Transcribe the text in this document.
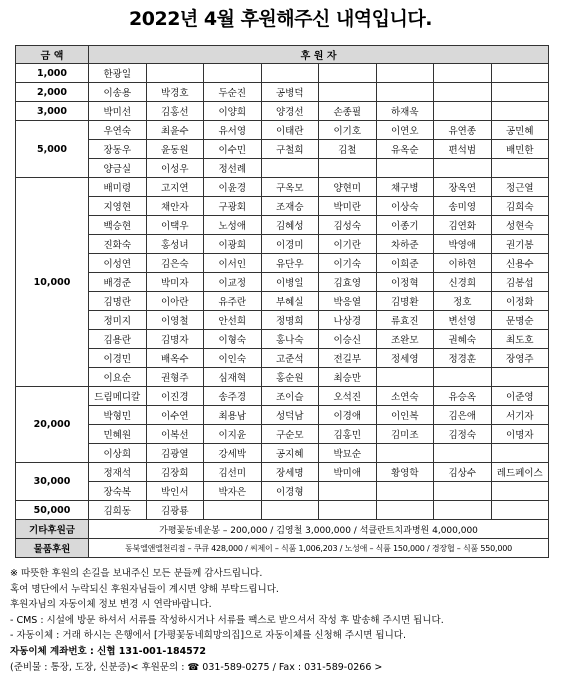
2022년 4월 후원해주신 내역입니다.
금 액	후 원 자							
1,000	한광일							
2,000	이송용	박경호	두순진	공병덕				
3,000	박미선	김홍선	이양희	양경선	손종필	하재욱		
5,000	우연숙	최윤수	유서영	이태란	이기호	이연오	유연종	공민혜
	장동우	윤동원	이수민	구철희	김철	유옥순	편석범	배민한
	양금실	이성우	정선례					
10,000	배미령	고지연	이윤경	구옥모	양현미	채구병	장옥연	정근열
	지영현	채안자	구광회	조재승	박미란	이상숙	송미영	김희숙
	백승현	이택우	노성애	김혜성	김성숙	이종기	김연화	성현숙
	진화숙	홍성녀	이광희	이경미	이기란	차하준	박영애	권기봉
	이성연	김은숙	이서인	유단우	이기숙	이희준	이하현	신용수
	배경준	박미자	이교정	이병일	김효영	이정혁	신경희	김봉섭
	김명란	이아란	유주란	부혜실	박응열	김명환	정호	이정화
	정미지	이영철	안선희	정명희	나상경	류효진	변선영	문명순
	김용란	김명자	이형숙	홍나숙	이승신	조완모	권혜숙	최도호
	이경민	배옥수	이인숙	고준석	전길부	정세영	정경훈	장영주
	이요순	권형주	심재혁	홍순원	최승만			
20,000	드림메디칼	이진경	송주경	조이슬	오석진	소연숙	유승옥	이준영
	박형민	이수연	최용남	성덕남	이경애	이인복	김은애	서기자
	민혜원	이복선	이지윤	구순모	김홍민	김미조	김정숙	이명자
	이상희	김광열	강세박	공지혜	박묘순			
30,000	정재석	김장희	김선미	장세명	박미애	황영학	김상수	레드페이스
	장숙복	박인서	박자은	이경형				
50,000	김희동	김광룡						
기타후원금	가평꽃동네운봉 – 200,000 / 김영철 3,000,000 / 석클란트치과병원 4,000,000							
물품후원	동북엘앤엘천리점 – 쿠큐 428,000 / 씨제이 – 식품 1,006,203 / 노성애 – 식품 150,000 / 경장협 – 식품 550,000							
※ 따뜻한 후원의 손길을 보내주신 모든 분들께 감사드립니다.
혹여 명단에서 누락되신 후원자님들이 계시면 양해 부탁드립니다.
후원자님의 자동이체 정보 변경 시 연락바랍니다.
- CMS : 시설에 방문 하셔서 서류를 작성하시거나 서류를 팩스로 받으셔서 작성 후 발송해 주시면 됩니다.
- 자동이체 : 거래 하시는 은행에서 [가평꽃동네희망의집]으로 자동이체를 신청해 주시면 됩니다.
자동이체 계좌번호 : 신협 131-001-184572
(준비물 : 통장, 도장, 신분증)< 후원문의 : ☎ 031-589-0275 / Fax : 031-589-0266 >
